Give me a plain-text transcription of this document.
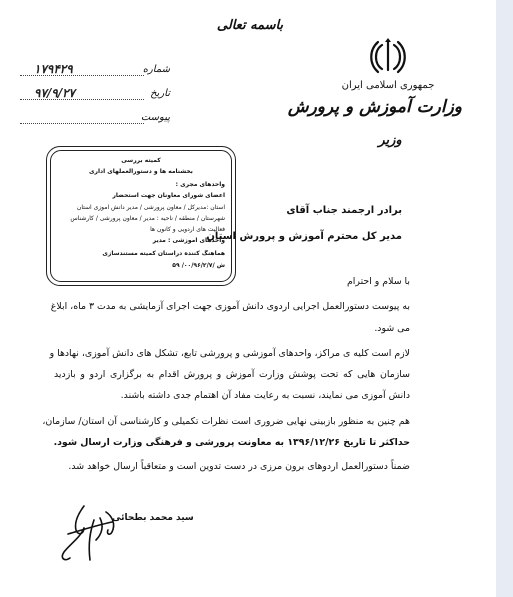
باسمه تعالی
جمهوری اسلامی ایران
وزارت آموزش و پرورش
وزیر
شماره
۱۷۹۴۲۹
تاریخ
۹۷/۹/۲۷
پیوست
کمیته بررسی
بخشنامه ها و دستورالعملهای اداری
واحدهای مجری :
اعضای شورای معاونان جهت استحضار
استان :مدیرکل / معاون پرورشی / مدیر دانش آموزی استان
شهرستان / منطقه / ناحیه : مدیر / معاون پرورشی / کارشناس
فعالیت های اردویی و کانون ها
واحدهای آموزشی : مدیر
هماهنگ کننده دراستان کمیته مستندسازی
ش /۰۰/۹۶/۲/۷/ ۵۹
برادر ارجمند جناب آقای
مدیر کل محترم آموزش و پرورش استان
با سلام و احترام
به پیوست دستورالعمل اجرایی اردوی دانش آموزی جهت اجرای آزمایشی به مدت ۳ ماه، ابلاغ
می شود.
لازم است کلیه ی مراکز، واحدهای آموزشی و پرورشی تابع، تشکل های دانش آموزی، نهادها و
سازمان هایی که تحت پوشش وزارت آموزش و پرورش اقدام به برگزاری اردو و بازدید
دانش آموزی می نمایند، نسبت به رعایت مفاد آن اهتمام جدی داشته باشند.
هم چنین به منظور بازبینی نهایی ضروری است نظرات تکمیلی و کارشناسی آن استان/ سازمان،
حداکثر تا تاریخ ۱۳۹۶/۱۲/۲۶ به معاونت پرورشی و فرهنگی وزارت ارسال شود.
ضمناً دستورالعمل اردوهای برون مرزی در دست تدوین است و متعاقباً ارسال خواهد شد.
سید محمد بطحائی
